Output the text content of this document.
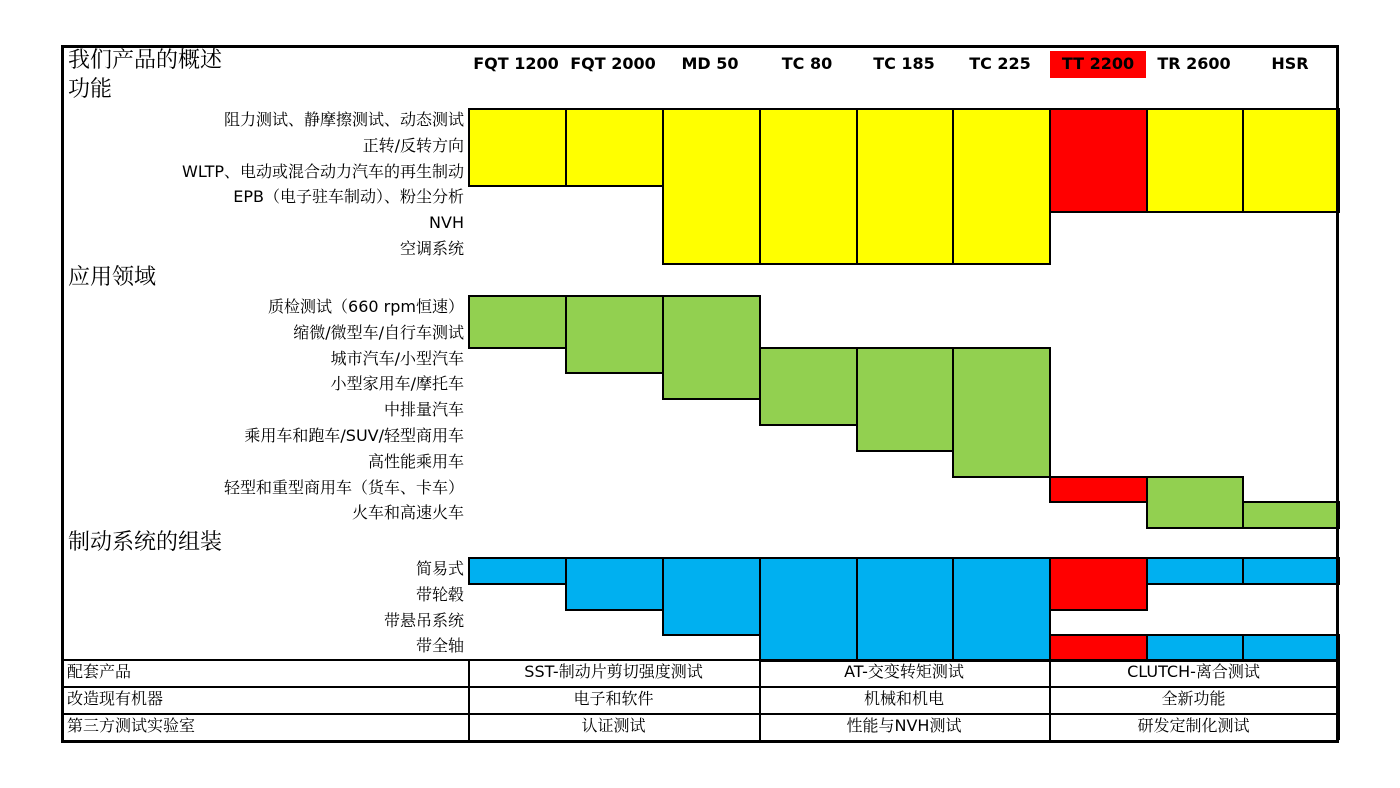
我们产品的概述	FQT 1200 FQT 2000	MD 50	TC 80	TC 185	TC 225	TT 2200	TR 2600	HSR
功能
阻力测试、静摩擦测试、动态测试
正转/反转方向
WLTP、电动或混合动力汽车的再生制动
EPB（电子驻车制动）、粉尘分析
NVH
空调系统
应用领域
质检测试（660 rpm恒速）
缩微/微型车/自行车测试
城市汽车/小型汽车
小型家用车/摩托车
中排量汽车
乘用车和跑车/SUV/轻型商用车
高性能乘用车
轻型和重型商用车（货车、卡车）
火车和高速火车
制动系统的组装
简易式
带轮毂
带悬吊系统
带全轴
配套产品	SST-制动片剪切强度测试	AT-交变转矩测试	CLUTCH-离合测试
改造现有机器	电子和软件	机械和机电	全新功能
第三方测试实验室	认证测试	性能与NVH测试	研发定制化测试
